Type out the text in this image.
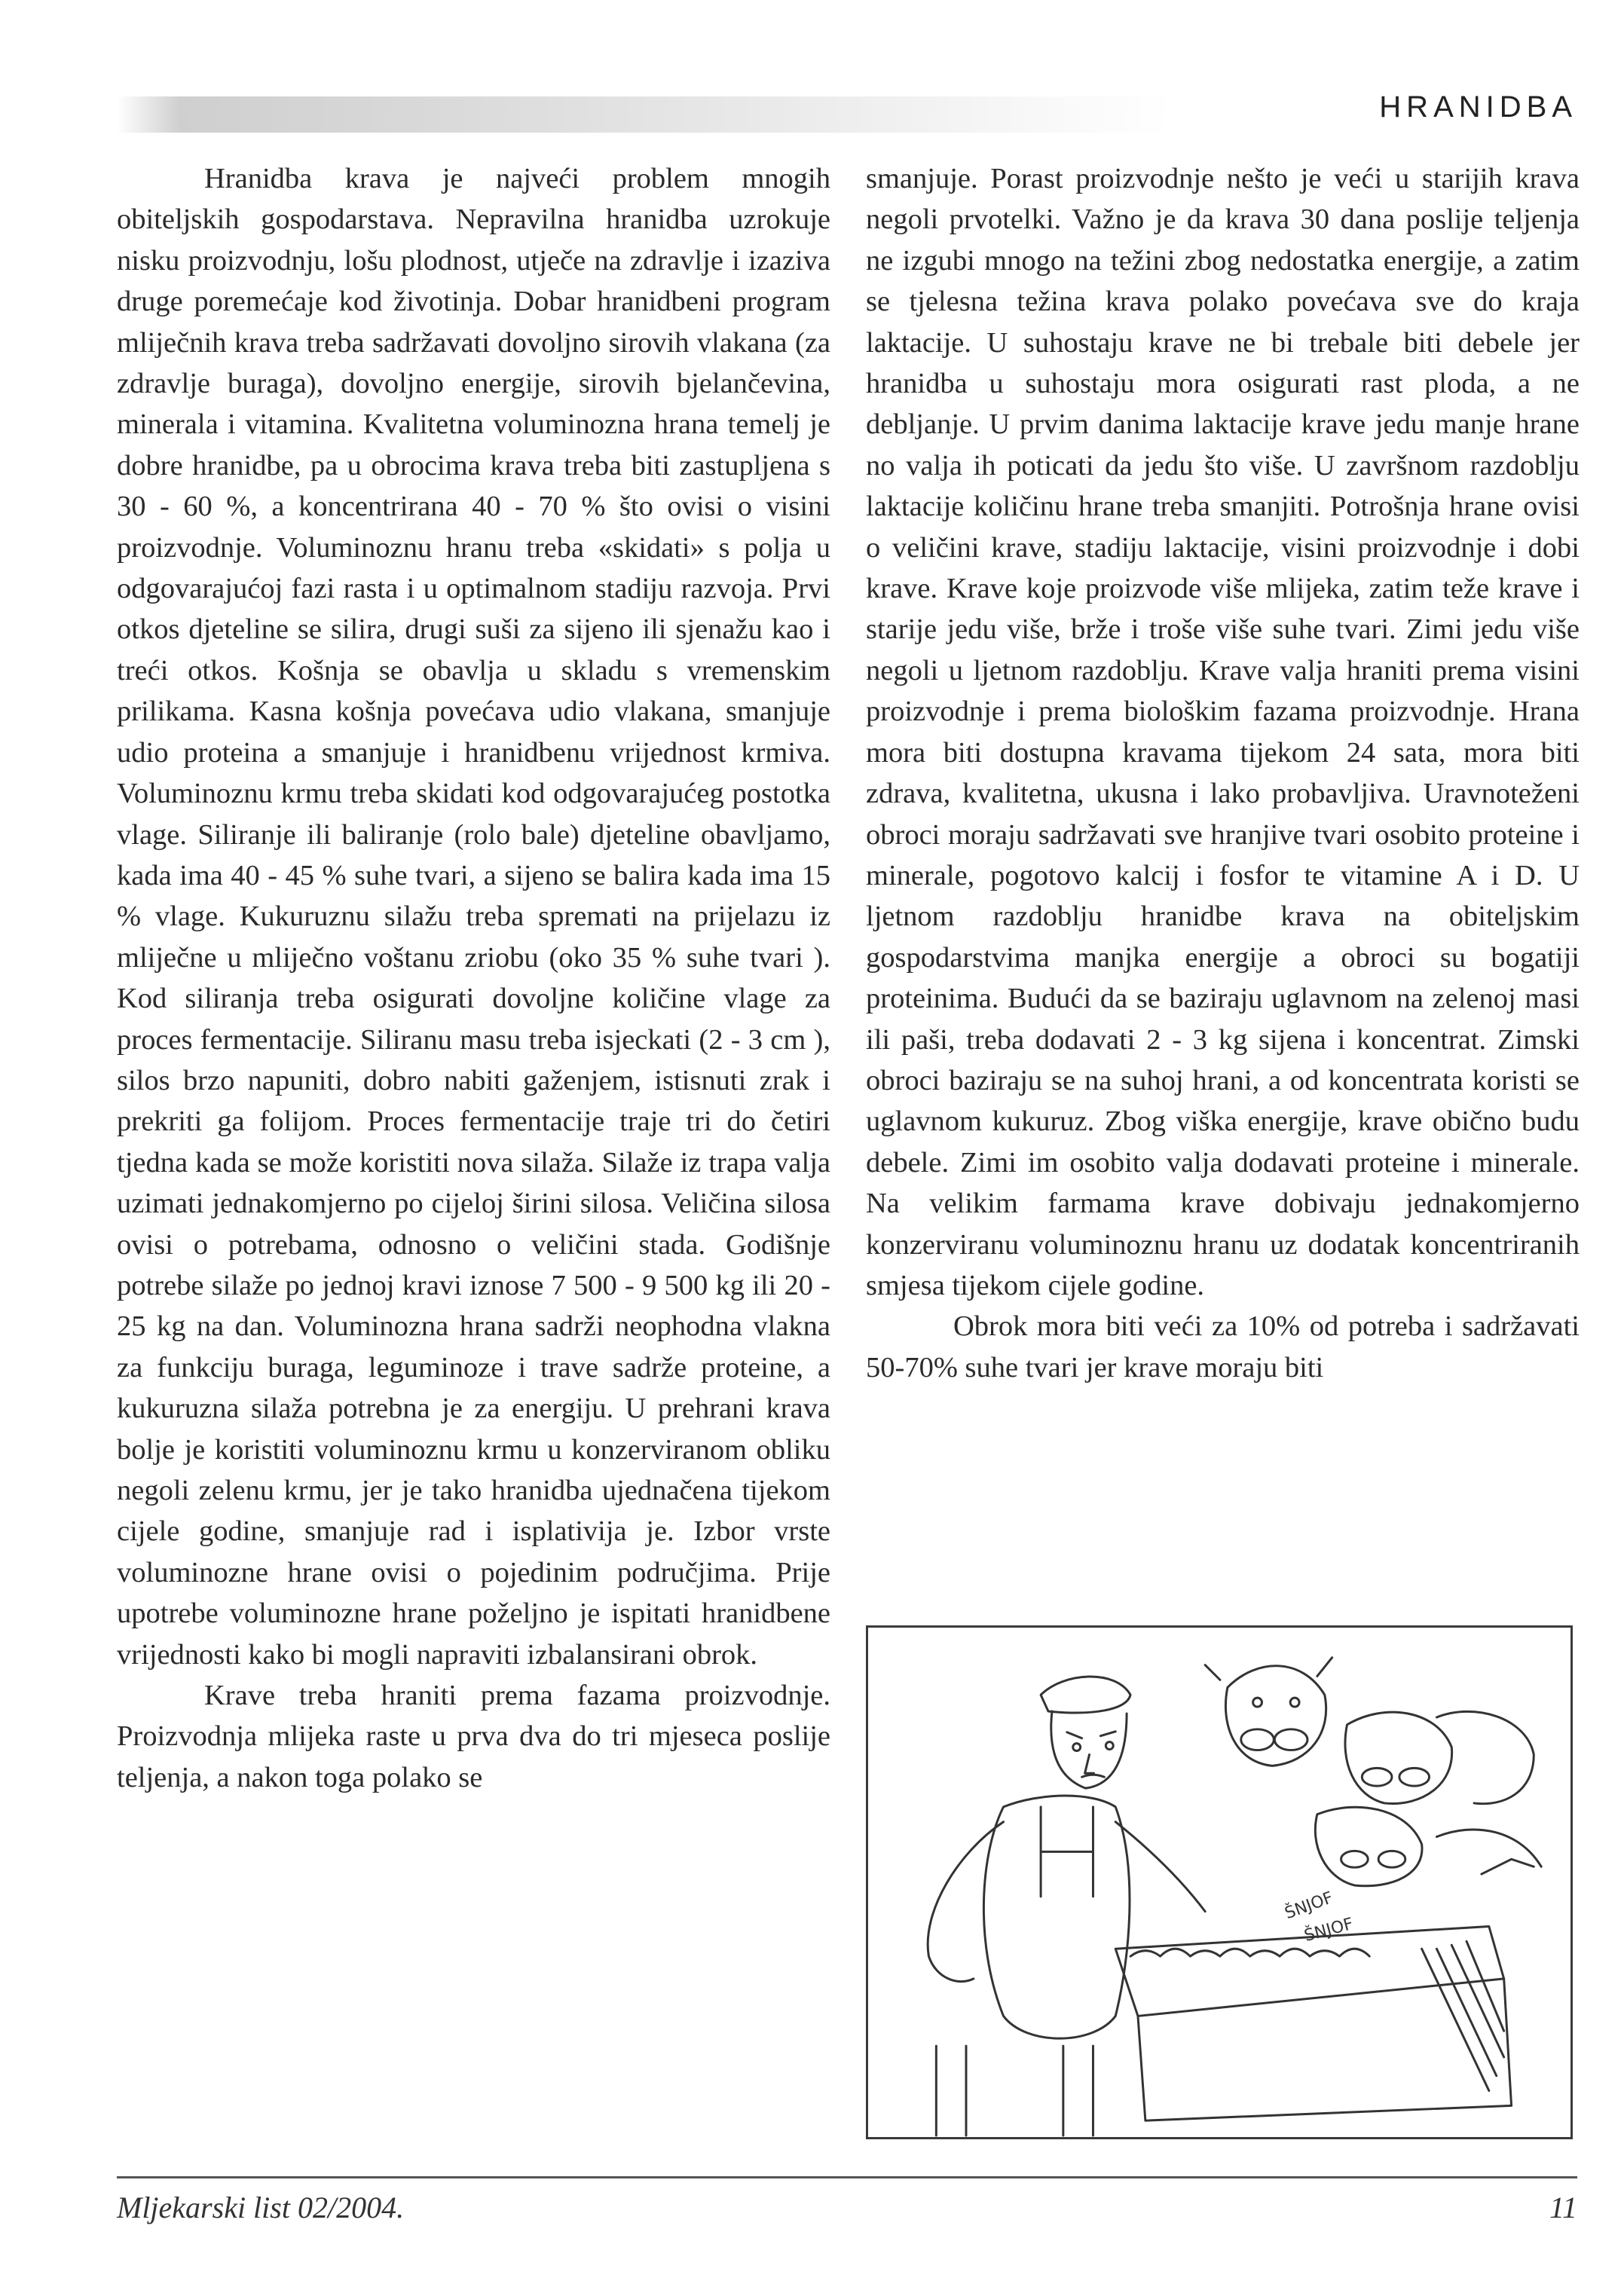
HRANIDBA

Hranidba krava je najveći problem mnogih obiteljskih gospodarstava. Nepravilna hranidba uzrokuje nisku proizvodnju, lošu plodnost, utječe na zdravlje i izaziva druge poremećaje kod životinja. Dobar hranidbeni program mliječnih krava treba sadržavati dovoljno sirovih vlakana (za zdravlje buraga), dovoljno energije, sirovih bjelančevina, minerala i vitamina. Kvalitetna voluminozna hrana temelj je dobre hranidbe, pa u obrocima krava treba biti zastupljena s 30 - 60 %, a koncentrirana 40 - 70 % što ovisi o visini proizvodnje. Voluminoznu hranu treba «skidati» s polja u odgovarajućoj fazi rasta i u optimalnom stadiju razvoja. Prvi otkos djeteline se silira, drugi suši za sijeno ili sjenažu kao i treći otkos. Košnja se obavlja u skladu s vremenskim prilikama. Kasna košnja povećava udio vlakana, smanjuje udio proteina a smanjuje i hranidbenu vrijednost krmiva. Voluminoznu krmu treba skidati kod odgovarajućeg postotka vlage. Siliranje ili baliranje (rolo bale) djeteline obavljamo, kada ima 40 - 45 % suhe tvari, a sijeno se balira kada ima 15 % vlage. Kukuruznu silažu treba spremati na prijelazu iz mliječne u mliječno voštanu zriobu (oko 35 % suhe tvari ). Kod siliranja treba osigurati dovoljne količine vlage za proces fermentacije. Siliranu masu treba isjeckati (2 - 3 cm ), silos brzo napuniti, dobro nabiti gaženjem, istisnuti zrak i prekriti ga folijom. Proces fermentacije traje tri do četiri tjedna kada se može koristiti nova silaža. Silaže iz trapa valja uzimati jednakomjerno po cijeloj širini silosa. Veličina silosa ovisi o potrebama, odnosno o veličini stada. Godišnje potrebe silaže po jednoj kravi iznose 7 500 - 9 500 kg ili 20 - 25 kg na dan. Voluminozna hrana sadrži neophodna vlakna za funkciju buraga, leguminoze i trave sadrže proteine, a kukuruzna silaža potrebna je za energiju. U prehrani krava bolje je koristiti voluminoznu krmu u konzerviranom obliku negoli zelenu krmu, jer je tako hranidba ujednačena tijekom cijele godine, smanjuje rad i isplativija je. Izbor vrste voluminozne hrane ovisi o pojedinim područjima. Prije upotrebe voluminozne hrane poželjno je ispitati hranidbene vrijednosti kako bi mogli napraviti izbalansirani obrok.

Krave treba hraniti prema fazama proizvodnje. Proizvodnja mlijeka raste u prva dva do tri mjeseca poslije teljenja, a nakon toga polako se

smanjuje. Porast proizvodnje nešto je veći u starijih krava negoli prvotelki. Važno je da krava 30 dana poslije teljenja ne izgubi mnogo na težini zbog nedostatka energije, a zatim se tjelesna težina krava polako povećava sve do kraja laktacije. U suhostaju krave ne bi trebale biti debele jer hranidba u suhostaju mora osigurati rast ploda, a ne debljanje. U prvim danima laktacije krave jedu manje hrane no valja ih poticati da jedu što više. U završnom razdoblju laktacije količinu hrane treba smanjiti. Potrošnja hrane ovisi o veličini krave, stadiju laktacije, visini proizvodnje i dobi krave. Krave koje proizvode više mlijeka, zatim teže krave i starije jedu više, brže i troše više suhe tvari. Zimi jedu više negoli u ljetnom razdoblju. Krave valja hraniti prema visini proizvodnje i prema biološkim fazama proizvodnje. Hrana mora biti dostupna kravama tijekom 24 sata, mora biti zdrava, kvalitetna, ukusna i lako probavljiva. Uravnoteženi obroci moraju sadržavati sve hranjive tvari osobito proteine i minerale, pogotovo kalcij i fosfor te vitamine A i D. U ljetnom razdoblju hranidbe krava na obiteljskim gospodarstvima manjka energije a obroci su bogatiji proteinima. Budući da se baziraju uglavnom na zelenoj masi ili paši, treba dodavati 2 - 3 kg sijena i koncentrat. Zimski obroci baziraju se na suhoj hrani, a od koncentrata koristi se uglavnom kukuruz. Zbog viška energije, krave obično budu debele. Zimi im osobito valja dodavati proteine i minerale. Na velikim farmama krave dobivaju jednakomjerno konzerviranu voluminoznu hranu uz dodatak koncentriranih smjesa tijekom cijele godine.

Obrok mora biti veći za 10% od potreba i sadržavati 50-70% suhe tvari jer krave moraju biti

ŠNJOF
ŠNJOF
Mljekarski list 02/2004.	11
